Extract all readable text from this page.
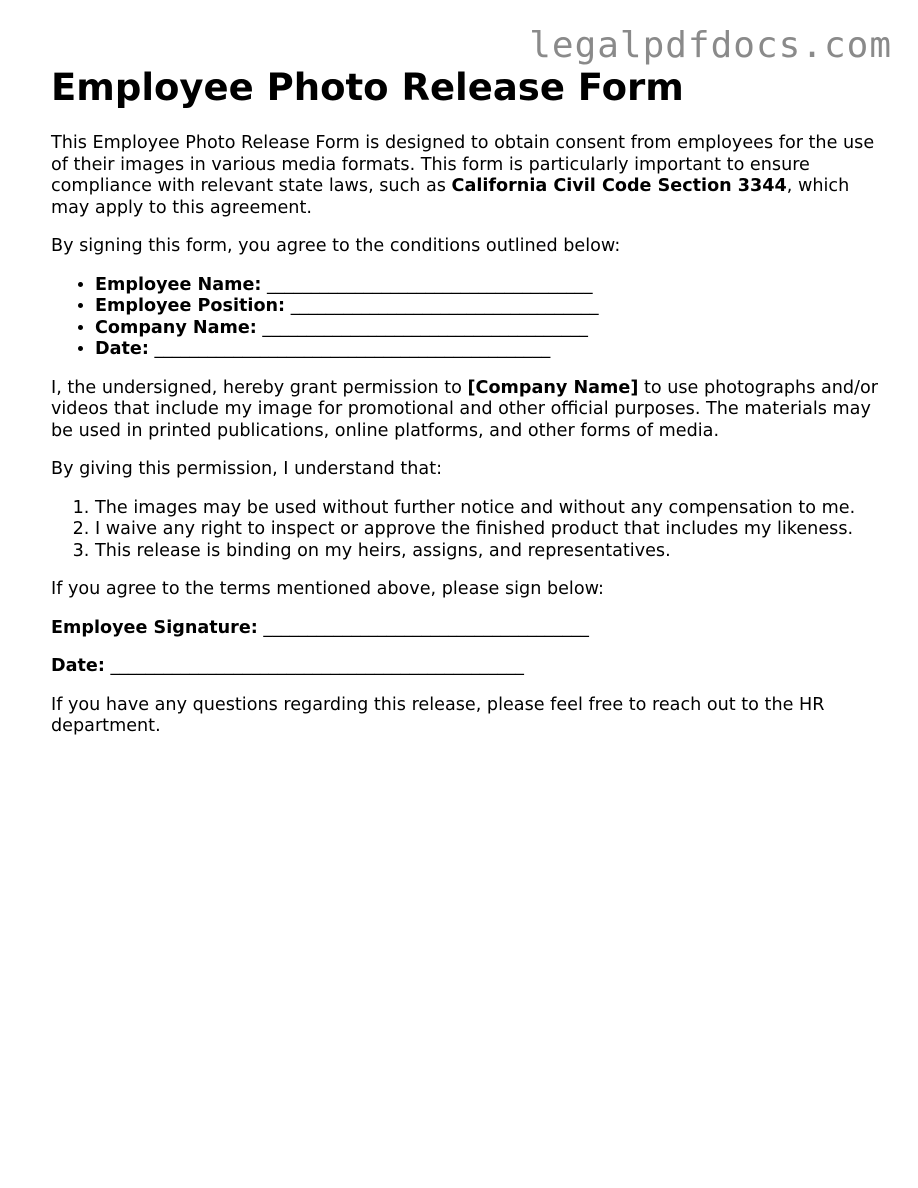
legalpdfdocs.com
Employee Photo Release Form

This Employee Photo Release Form is designed to obtain consent from employees for the use of their images in various media formats. This form is particularly important to ensure compliance with relevant state laws, such as California Civil Code Section 3344, which may apply to this agreement.

By signing this form, you agree to the conditions outlined below:

• Employee Name: _____________________________________
• Employee Position: ___________________________________
• Company Name: _____________________________________
• Date: _____________________________________________

I, the undersigned, hereby grant permission to [Company Name] to use photographs and/or videos that include my image for promotional and other official purposes. The materials may be used in printed publications, online platforms, and other forms of media.

By giving this permission, I understand that:

1. The images may be used without further notice and without any compensation to me.
2. I waive any right to inspect or approve the finished product that includes my likeness.
3. This release is binding on my heirs, assigns, and representatives.

If you agree to the terms mentioned above, please sign below:

Employee Signature: _____________________________________

Date: _______________________________________________

If you have any questions regarding this release, please feel free to reach out to the HR department.
